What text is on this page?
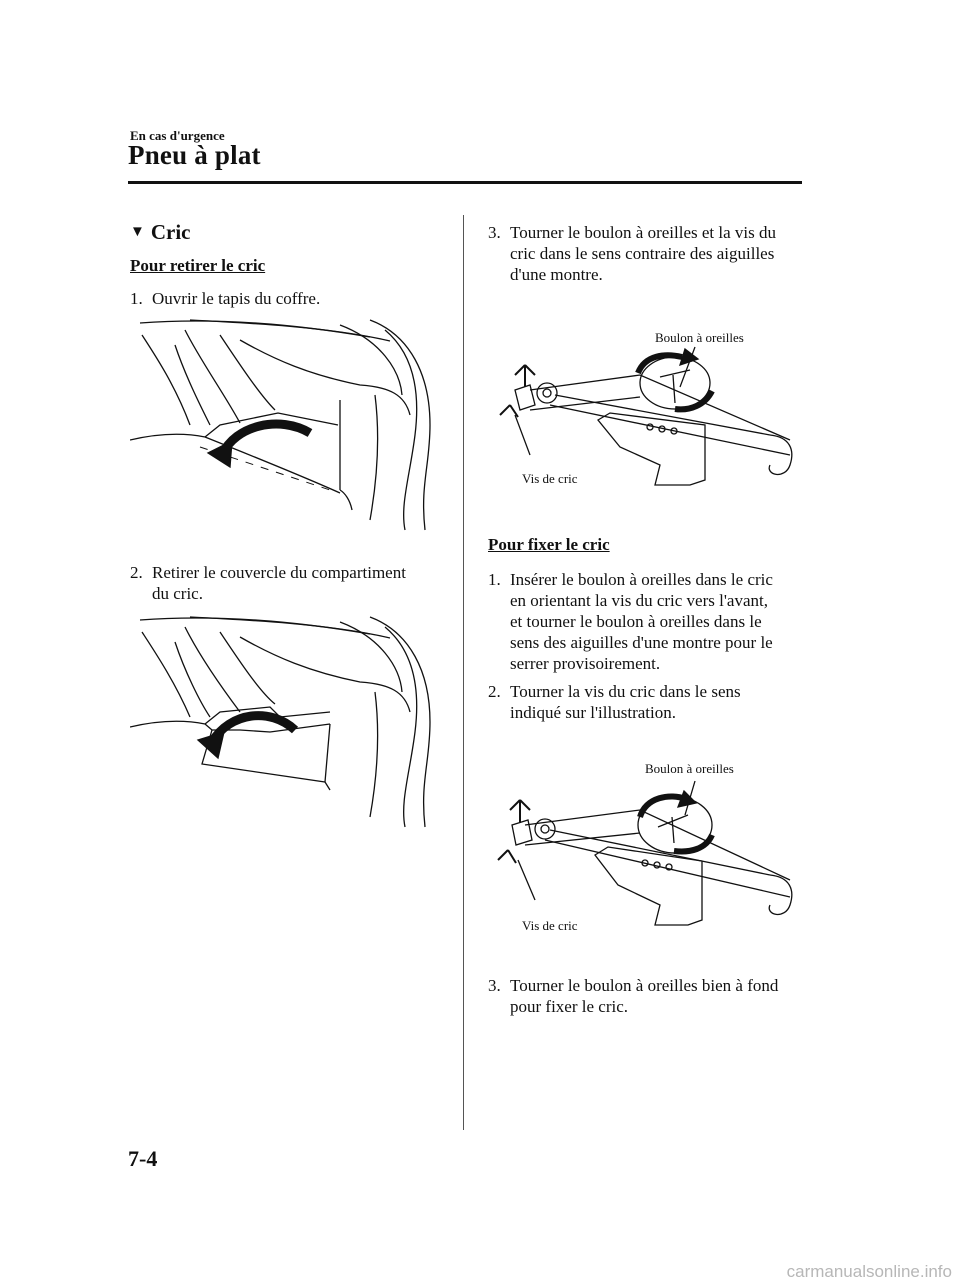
En cas d'urgence
Pneu à plat
▼ Cric
Pour retirer le cric
1. Ouvrir le tapis du coffre.
2. Retirer le couvercle du compartiment
du cric.
3. Tourner le boulon à oreilles et la vis du
cric dans le sens contraire des aiguilles
d'une montre.
Boulon à oreilles
Vis de cric
Pour fixer le cric
1. Insérer le boulon à oreilles dans le cric
en orientant la vis du cric vers l'avant,
et tourner le boulon à oreilles dans le
sens des aiguilles d'une montre pour le
serrer provisoirement.
2. Tourner la vis du cric dans le sens
indiqué sur l'illustration.
Boulon à oreilles
Vis de cric
3. Tourner le boulon à oreilles bien à fond
pour fixer le cric.
7-4
carmanualsonline.info
